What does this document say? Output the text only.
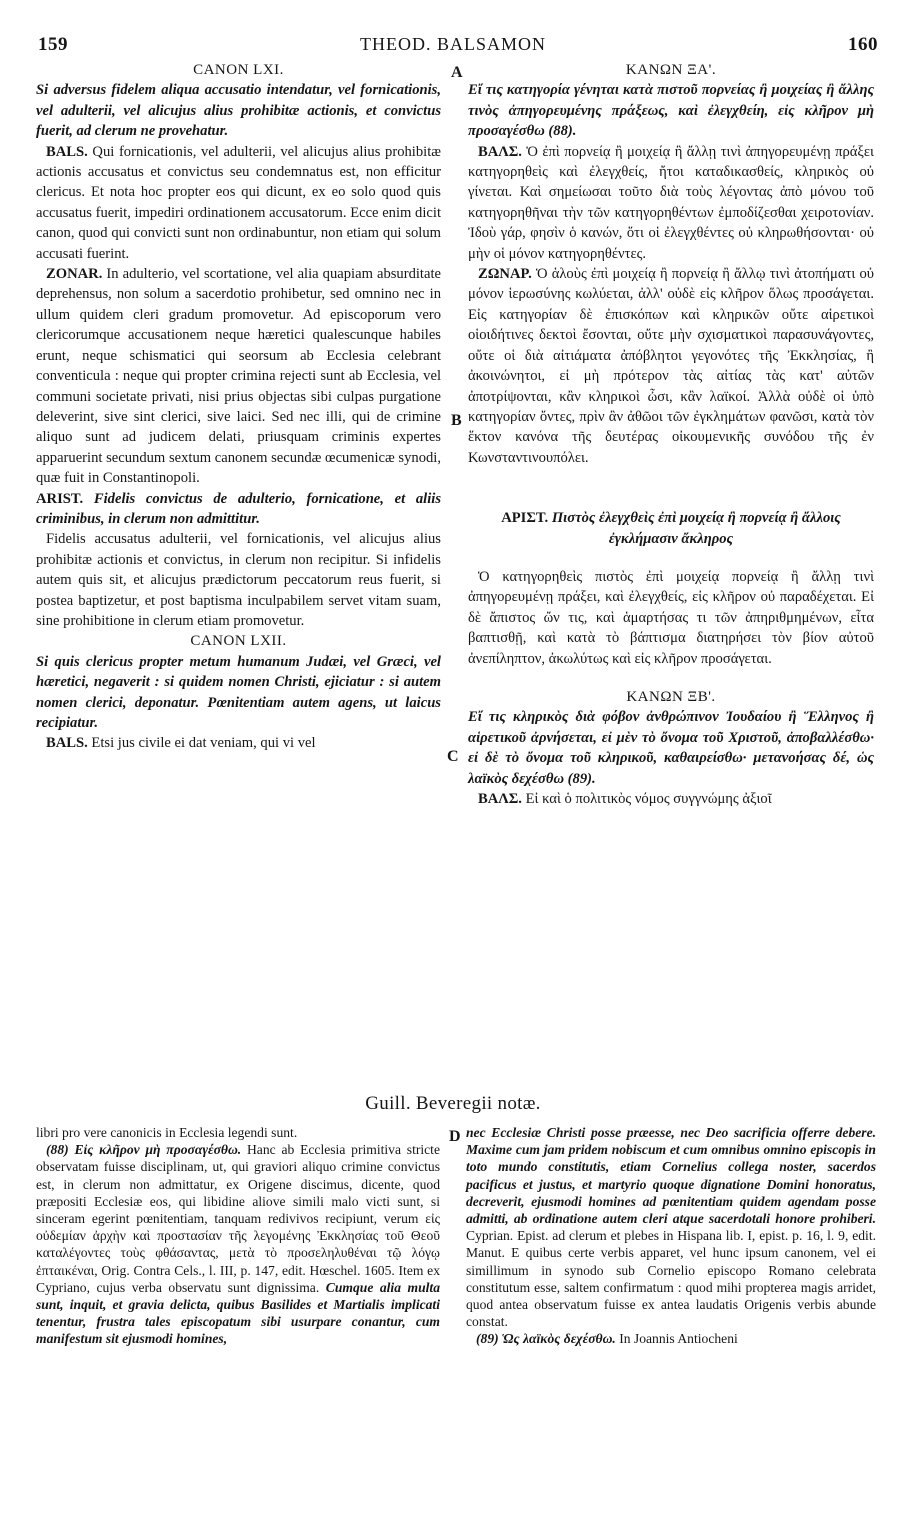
159	THEOD. BALSAMON	160
A
B
C
D

CANON LXI.

Si adversus fidelem aliqua accusatio intendatur, vel fornicationis, vel adulterii, vel alicujus alius prohibitæ actionis, et convictus fuerit, ad clerum ne provehatur.

BALS. Qui fornicationis, vel adulterii, vel alicujus alius prohibitæ actionis accusatus et convictus seu condemnatus est, non efficitur clericus. Et nota hoc propter eos qui dicunt, ex eo solo quod quis accusatus fuerit, impediri ordinationem accusatorum. Ecce enim dicit canon, quod qui convicti sunt non ordinabuntur, non etiam qui solum accusati fuerint.

ZONAR. In adulterio, vel scortatione, vel alia quapiam absurditate deprehensus, non solum a sacerdotio prohibetur, sed omnino nec in ullum quidem cleri gradum promovetur. Ad episcoporum vero clericorumque accusationem neque hæretici qualescunque habiles erunt, neque schismatici qui seorsum ab Ecclesia celebrant conventicula : neque qui propter crimina rejecti sunt ab Ecclesia, vel communi societate privati, nisi prius objectas sibi culpas purgatione deleverint, sive sint clerici, sive laici. Sed nec illi, qui de crimine aliquo sunt ad judicem delati, priusquam criminis expertes apparuerint secundum sextum canonem secundæ œcumenicæ synodi, quæ fuit in Constantinopoli.

ARIST. Fidelis convictus de adulterio, fornicatione, et aliis criminibus, in clerum non admittitur.

Fidelis accusatus adulterii, vel fornicationis, vel alicujus alius prohibitæ actionis et convictus, in clerum non recipitur. Si infidelis autem quis sit, et alicujus prædictorum peccatorum reus fuerit, si postea baptizetur, et post baptisma inculpabilem servet vitam suam, sine prohibitione in clerum etiam promovetur.

CANON LXII.

Si quis clericus propter metum humanum Judæi, vel Græci, vel hæretici, negaverit : si quidem nomen Christi, ejiciatur : si autem nomen clerici, deponatur. Pœnitentiam autem agens, ut laicus recipiatur.

BALS. Etsi jus civile ei dat veniam, qui vi vel

ΚΑΝΩΝ ΞΑ'.

Εἴ τις κατηγορία γένηται κατὰ πιστοῦ πορνείας ἢ μοιχείας ἢ ἄλλης τινὸς ἀπηγορευμένης πράξεως, καὶ ἐλεγχθείη, εἰς κλῆρον μὴ προσαγέσθω (88).

ΒΑΛΣ. Ὁ ἐπὶ πορνείᾳ ἢ μοιχείᾳ ἢ ἄλλῃ τινὶ ἀπηγορευμένῃ πράξει κατηγορηθεὶς καὶ ἐλεγχθείς, ἤτοι καταδικασθείς, κληρικὸς οὐ γίνεται. Καὶ σημείωσαι τοῦτο διὰ τοὺς λέγοντας ἀπὸ μόνου τοῦ κατηγορηθῆναι τὴν τῶν κατηγορηθέντων ἐμποδίζεσθαι χειροτονίαν. Ἰδοὺ γάρ, φησὶν ὁ κανών, ὅτι οἱ ἐλεγχθέντες οὐ κληρωθήσονται· οὐ μὴν οἱ μόνον κατηγορηθέντες.

ΖΩΝΑΡ. Ὁ ἁλοὺς ἐπὶ μοιχείᾳ ἢ πορνείᾳ ἢ ἄλλῳ τινὶ ἀτοπήματι οὐ μόνον ἱερωσύνης κωλύεται, ἀλλ' οὐδὲ εἰς κλῆρον ὅλως προσάγεται. Εἰς κατηγορίαν δὲ ἐπισκόπων καὶ κληρικῶν οὔτε αἱρετικοὶ οἱοιδήτινες δεκτοὶ ἔσονται, οὔτε μὴν σχισματικοὶ παρασυνάγοντες, οὔτε οἱ διὰ αἰτιάματα ἀπόβλητοι γεγονότες τῆς Ἐκκλησίας, ἢ ἀκοινώνητοι, εἰ μὴ πρότερον τὰς αἰτίας τὰς κατ' αὐτῶν ἀποτρίψονται, κἂν κληρικοὶ ὦσι, κἂν λαϊκοί. Ἀλλὰ οὐδὲ οἱ ὑπὸ κατηγορίαν ὄντες, πρὶν ἂν ἀθῶοι τῶν ἐγκλημάτων φανῶσι, κατὰ τὸν ἕκτον κανόνα τῆς δευτέρας οἰκουμενικῆς συνόδου τῆς ἐν Κωνσταντινουπόλει.

ΑΡΙΣΤ. Πιστὸς ἐλεγχθεὶς ἐπὶ μοιχείᾳ ἢ πορνείᾳ ἢ ἄλλοις ἐγκλήμασιν ἄκληρος

Ὁ κατηγορηθεὶς πιστὸς ἐπὶ μοιχείᾳ πορνείᾳ ἢ ἄλλῃ τινὶ ἀπηγορευμένῃ πράξει, καὶ ἐλεγχθείς, εἰς κλῆρον οὐ παραδέχεται. Εἰ δὲ ἄπιστος ὤν τις, καὶ ἁμαρτήσας τι τῶν ἀπηριθμημένων, εἶτα βαπτισθῇ, καὶ κατὰ τὸ βάπτισμα διατηρήσει τὸν βίον αὐτοῦ ἀνεπίληπτον, ἀκωλύτως καὶ εἰς κλῆρον προσάγεται.

ΚΑΝΩΝ ΞΒ'.

Εἴ τις κληρικὸς διὰ φόβον ἀνθρώπινον Ἰουδαίου ἢ Ἕλληνος ἢ αἱρετικοῦ ἀρνήσεται, εἰ μὲν τὸ ὄνομα τοῦ Χριστοῦ, ἀποβαλλέσθω· εἰ δὲ τὸ ὄνομα τοῦ κληρικοῦ, καθαιρείσθω· μετανοήσας δέ, ὡς λαϊκὸς δεχέσθω (89).

ΒΑΛΣ. Εἰ καὶ ὁ πολιτικὸς νόμος συγγνώμης ἀξιοῖ

Guill. Beveregii notæ.

libri pro vere canonicis in Ecclesia legendi sunt.

(88) Εἰς κλῆρον μὴ προσαγέσθω. Hanc ab Ecclesia primitiva stricte observatam fuisse disciplinam, ut, qui graviori aliquo crimine convictus est, in clerum non admittatur, ex Origene discimus, dicente, quod præpositi Ecclesiæ eos, qui libidine aliove simili malo victi sunt, si sinceram egerint pœnitentiam, tanquam redivivos recipiunt, verum εἰς οὐδεμίαν ἀρχὴν καὶ προστασίαν τῆς λεγομένης Ἐκκλησίας τοῦ Θεοῦ καταλέγοντες τοὺς φθάσαντας, μετὰ τὸ προσεληλυθέναι τῷ λόγῳ ἐπταικέναι, Orig. Contra Cels., l. III, p. 147, edit. Hœschel. 1605. Item ex Cypriano, cujus verba observatu sunt dignissima. Cumque alia multa sunt, inquit, et gravia delicta, quibus Basilides et Martialis implicati tenentur, frustra tales episcopatum sibi usurpare conantur, cum manifestum sit ejusmodi homines,

nec Ecclesiæ Christi posse præesse, nec Deo sacrificia offerre debere. Maxime cum jam pridem nobiscum et cum omnibus omnino episcopis in toto mundo constitutis, etiam Cornelius collega noster, sacerdos pacificus et justus, et martyrio quoque dignatione Domini honoratus, decreverit, ejusmodi homines ad pœnitentiam quidem agendam posse admitti, ab ordinatione autem cleri atque sacerdotali honore prohiberi. Cyprian. Epist. ad clerum et plebes in Hispana lib. I, epist. p. 16, l. 9, edit. Manut. E quibus certe verbis apparet, vel hunc ipsum canonem, vel ei simillimum in synodo sub Cornelio episcopo Romano celebrata constitutum esse, saltem confirmatum : quod mihi propterea magis arridet, quod antea observatum fuisse ex antea laudatis Origenis verbis abunde constat.

(89) Ὡς λαϊκὸς δεχέσθω. In Joannis Antiocheni
